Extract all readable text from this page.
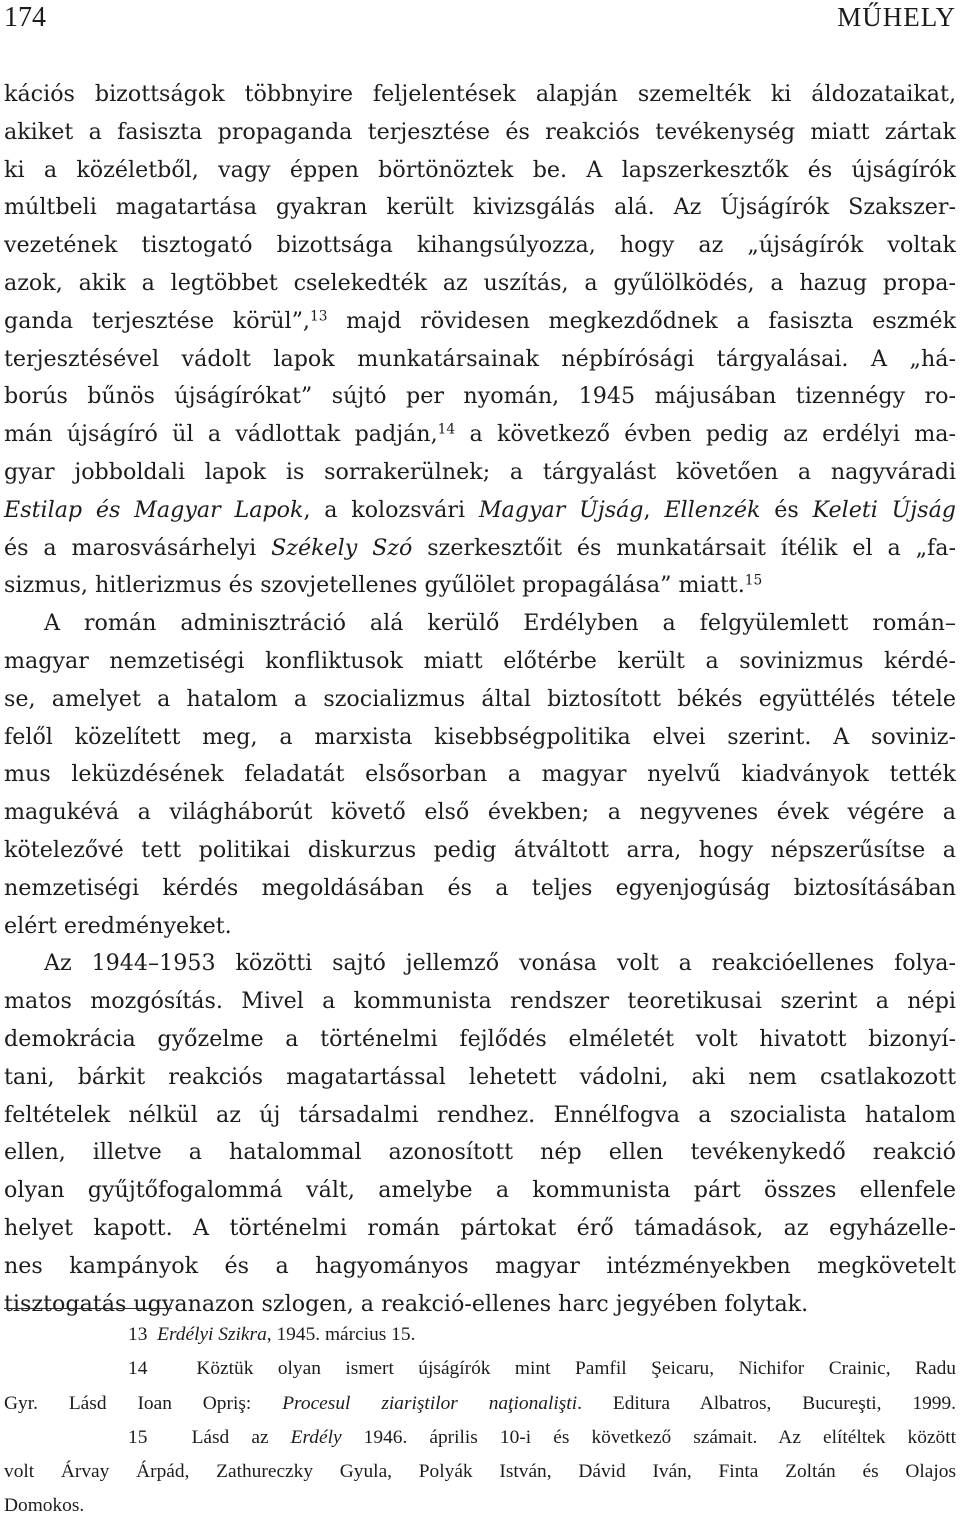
174	MŰHELY
kációs bizottságok többnyire feljelentések alapján szemelték ki áldozataikat,
akiket a fasiszta propaganda terjesztése és reakciós tevékenység miatt zártak
ki a közéletből, vagy éppen börtönöztek be. A lapszerkesztők és újságírók
múltbeli magatartása gyakran került kivizsgálás alá. Az Újságírók Szakszer-
vezetének tisztogató bizottsága kihangsúlyozza, hogy az „újságírók voltak
azok, akik a legtöbbet cselekedték az uszítás, a gyűlölködés, a hazug propa-
ganda terjesztése körül”,$^{13}$ majd rövidesen megkezdődnek a fasiszta eszmék
terjesztésével vádolt lapok munkatársainak népbírósági tárgyalásai. A „há-
borús bűnös újságírókat” sújtó per nyomán, 1945 májusában tizennégy ro-
mán újságíró ül a vádlottak padján,$^{14}$ a következő évben pedig az erdélyi ma-
gyar jobboldali lapok is sorrakerülnek; a tárgyalást követően a nagyváradi
Estilap és Magyar Lapok, a kolozsvári Magyar Újság, Ellenzék és Keleti Újság
és a marosvásárhelyi Székely Szó szerkesztőit és munkatársait ítélik el a „fa-
sizmus, hitlerizmus és szovjetellenes gyűlölet propagálása” miatt.$^{15}$
A román adminisztráció alá kerülő Erdélyben a felgyülemlett román–
magyar nemzetiségi konfliktusok miatt előtérbe került a sovinizmus kérdé-
se, amelyet a hatalom a szocializmus által biztosított békés együttélés tétele
felől közelített meg, a marxista kisebbségpolitika elvei szerint. A soviniz-
mus leküzdésének feladatát elsősorban a magyar nyelvű kiadványok tették
magukévá a világháborút követő első években; a negyvenes évek végére a
kötelezővé tett politikai diskurzus pedig átváltott arra, hogy népszerűsítse a
nemzetiségi kérdés megoldásában és a teljes egyenjogúság biztosításában
elért eredményeket.
Az 1944–1953 közötti sajtó jellemző vonása volt a reakcióellenes folya-
matos mozgósítás. Mivel a kommunista rendszer teoretikusai szerint a népi
demokrácia győzelme a történelmi fejlődés elméletét volt hivatott bizonyí-
tani, bárkit reakciós magatartással lehetett vádolni, aki nem csatlakozott
feltételek nélkül az új társadalmi rendhez. Ennélfogva a szocialista hatalom
ellen, illetve a hatalommal azonosított nép ellen tevékenykedő reakció
olyan gyűjtőfogalommá vált, amelybe a kommunista párt összes ellenfele
helyet kapott. A történelmi román pártokat érő támadások, az egyházelle-
nes kampányok és a hagyományos magyar intézményekben megkövetelt
tisztogatás ugyanazon szlogen, a reakció-ellenes harc jegyében folytak.
13 Erdélyi Szikra, 1945. március 15.
14	Köztük olyan ismert újságírók mint Pamfil Şeicaru, Nichifor Crainic, Radu
Gyr. Lásd Ioan Opriş: Procesul ziariştilor naţionalişti. Editura Albatros, Bucureşti, 1999.
15 Lásd az Erdély 1946. április 10-i és következő számait. Az elítéltek között
volt Árvay Árpád, Zathureczky Gyula, Polyák István, Dávid Iván, Finta Zoltán és Olajos
Domokos.
